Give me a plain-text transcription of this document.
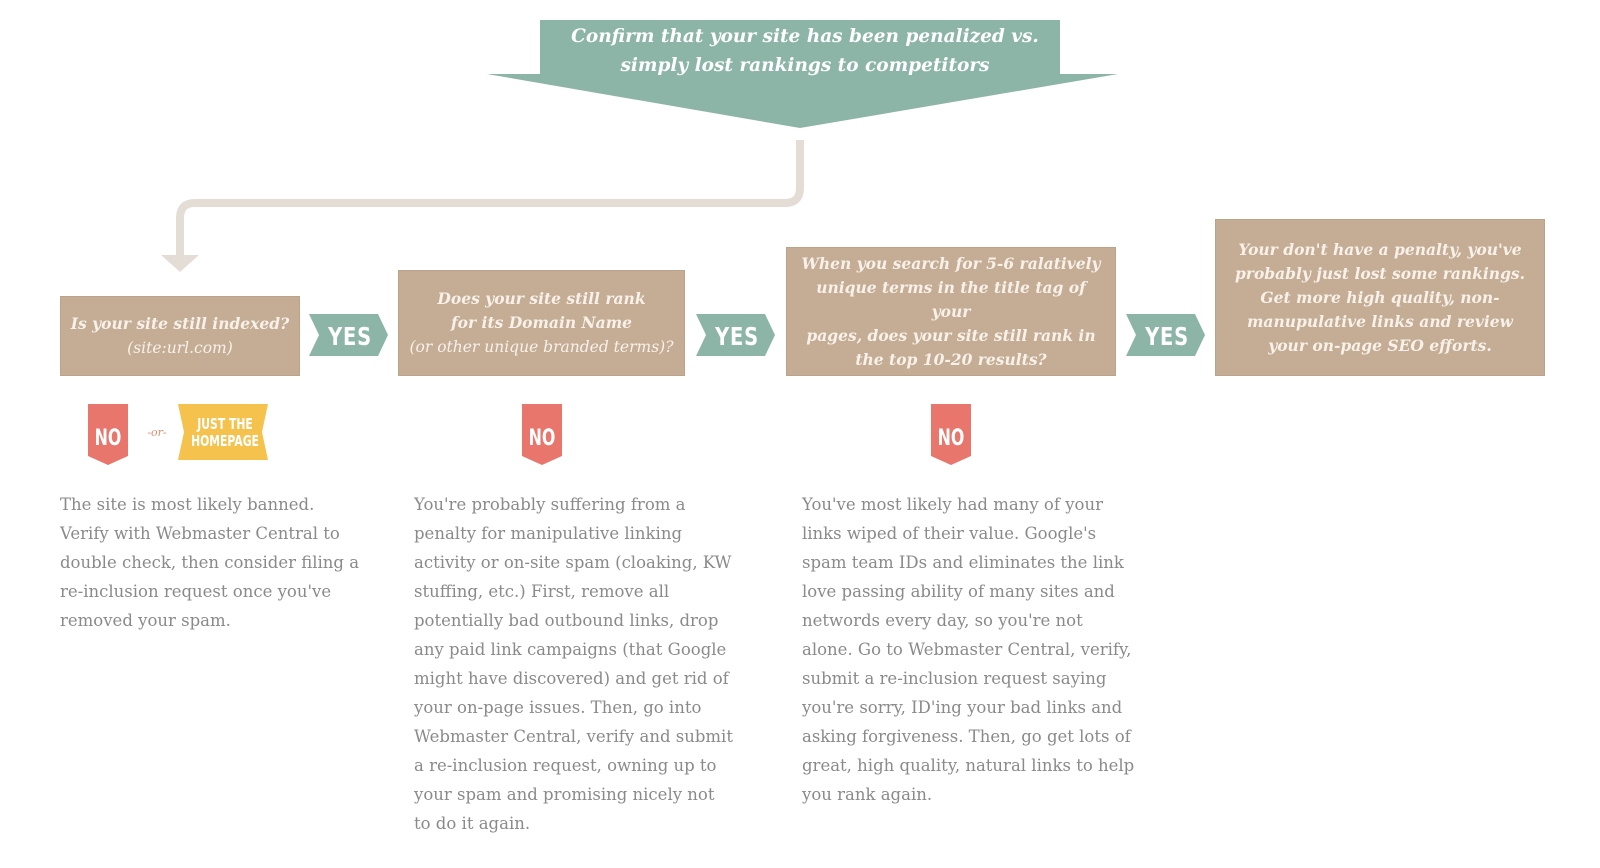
Confirm that your site has been penalized vs.
simply lost rankings to competitors
Is your site still indexed?
(site:url.com)
Does your site still rank
for its Domain Name
(or other unique branded terms)?
When you search for 5-6 ralatively
unique terms in the title tag of your
pages, does your site still rank in
the top 10-20 results?
Your don't have a penalty, you've
probably just lost some rankings.
Get more high quality, non-
manupulative links and review
your on-page SEO efforts.
YES	YES	YES
NO	-or-	JUST THE
HOMEPAGE	NO	NO
The site is most likely banned.
Verify with Webmaster Central to
double check, then consider filing a
re-inclusion request once you've
removed your spam.
You're probably suffering from a
penalty for manipulative linking
activity or on-site spam (cloaking, KW
stuffing, etc.) First, remove all
potentially bad outbound links, drop
any paid link campaigns (that Google
might have discovered) and get rid of
your on-page issues. Then, go into
Webmaster Central, verify and submit
a re-inclusion request, owning up to
your spam and promising nicely not
to do it again.
You've most likely had many of your
links wiped of their value. Google's
spam team IDs and eliminates the link
love passing ability of many sites and
networds every day, so you're not
alone. Go to Webmaster Central, verify,
submit a re-inclusion request saying
you're sorry, ID'ing your bad links and
asking forgiveness. Then, go get lots of
great, high quality, natural links to help
you rank again.
